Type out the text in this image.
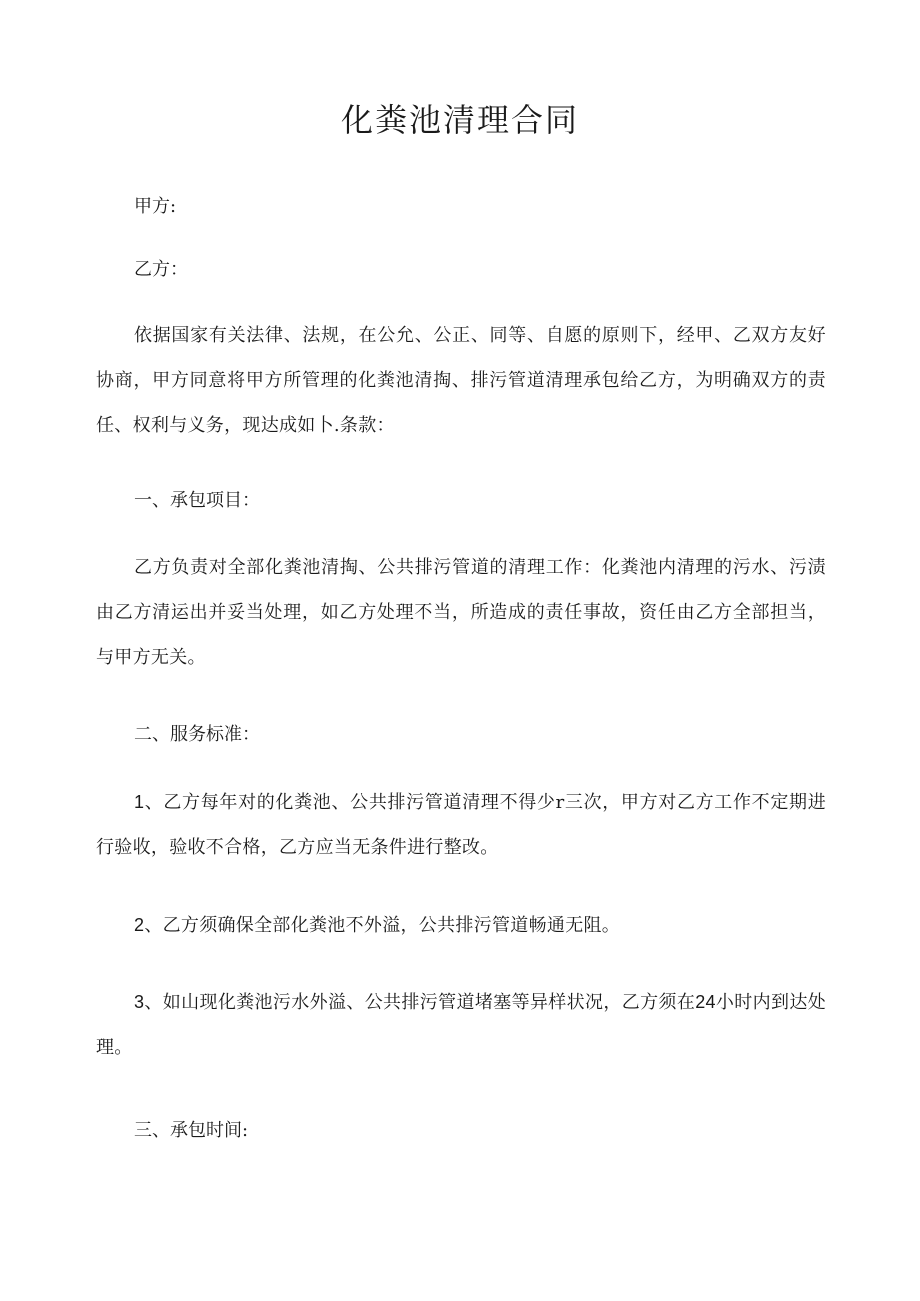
化粪池清理合同
甲方:
乙方：
依据国家有关法律、法规，在公允、公正、同等、自愿的原则下，经甲、乙双方友好协商，甲方同意将甲方所管理的化粪池清掏、排污管道清理承包给乙方，为明确双方的责任、权利与义务，现达成如卜.条款：
一、承包项目：
乙方负责对全部化粪池清掏、公共排污管道的清理工作：化粪池内清理的污水、污渍由乙方清运出并妥当处理，如乙方处理不当，所造成的责任事故，资任由乙方全部担当，与甲方无关。
二、服务标准：
1、乙方每年对的化粪池、公共排污管道清理不得少r三次，甲方对乙方工作不定期进行验收，验收不合格，乙方应当无条件进行整改。
2、乙方须确保全部化粪池不外溢，公共排污管道畅通无阻。
3、如山现化粪池污水外溢、公共排污管道堵塞等异样状况，乙方须在24小时内到达处理。
三、承包时间:
